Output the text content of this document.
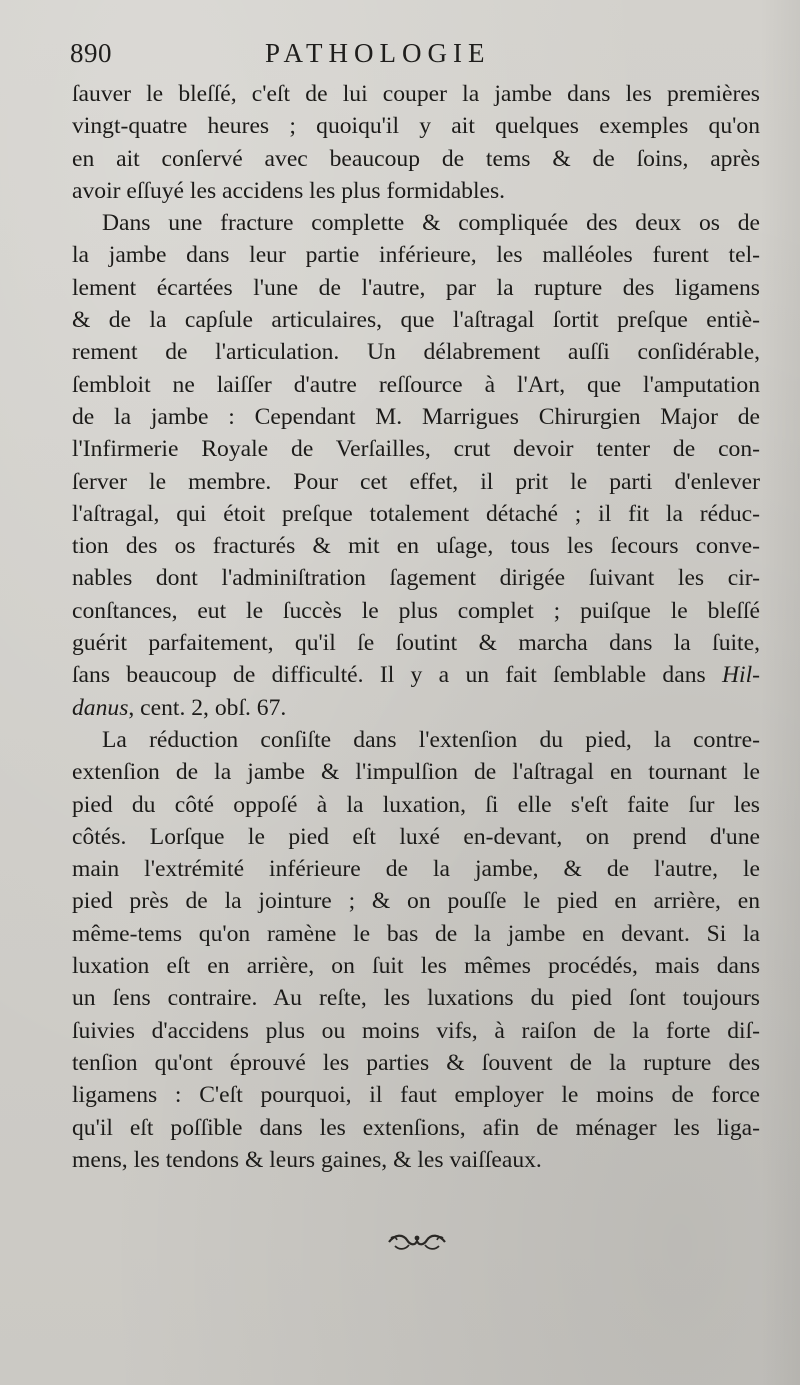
890	PATHOLOGIE
ſauver le bleſſé, c'eſt de lui couper la jambe dans les premières
vingt-quatre heures ; quoiqu'il y ait quelques exemples qu'on
en ait conſervé avec beaucoup de tems & de ſoins, après
avoir eſſuyé les accidens les plus formidables.
Dans une fracture complette & compliquée des deux os de
la jambe dans leur partie inférieure, les malléoles furent tel-
lement écartées l'une de l'autre, par la rupture des ligamens
& de la capſule articulaires, que l'aſtragal ſortit preſque entiè-
rement de l'articulation. Un délabrement auſſi conſidérable,
ſembloit ne laiſſer d'autre reſſource à l'Art, que l'amputation
de la jambe : Cependant M. Marrigues Chirurgien Major de
l'Infirmerie Royale de Verſailles, crut devoir tenter de con-
ſerver le membre. Pour cet effet, il prit le parti d'enlever
l'aſtragal, qui étoit preſque totalement détaché ; il fit la réduc-
tion des os fracturés & mit en uſage, tous les ſecours conve-
nables dont l'adminiſtration ſagement dirigée ſuivant les cir-
conſtances, eut le ſuccès le plus complet ; puiſque le bleſſé
guérit parfaitement, qu'il ſe ſoutint & marcha dans la ſuite,
ſans beaucoup de difficulté. Il y a un fait ſemblable dans Hil-
danus, cent. 2, obſ. 67.
La réduction conſiſte dans l'extenſion du pied, la contre-
extenſion de la jambe & l'impulſion de l'aſtragal en tournant le
pied du côté oppoſé à la luxation, ſi elle s'eſt faite ſur les
côtés. Lorſque le pied eſt luxé en-devant, on prend d'une
main l'extrémité inférieure de la jambe, & de l'autre, le
pied près de la jointure ; & on pouſſe le pied en arrière, en
même-tems qu'on ramène le bas de la jambe en devant. Si la
luxation eſt en arrière, on ſuit les mêmes procédés, mais dans
un ſens contraire. Au reſte, les luxations du pied ſont toujours
ſuivies d'accidens plus ou moins vifs, à raiſon de la forte diſ-
tenſion qu'ont éprouvé les parties & ſouvent de la rupture des
ligamens : C'eſt pourquoi, il faut employer le moins de force
qu'il eſt poſſible dans les extenſions, afin de ménager les liga-
mens, les tendons & leurs gaines, & les vaiſſeaux.
